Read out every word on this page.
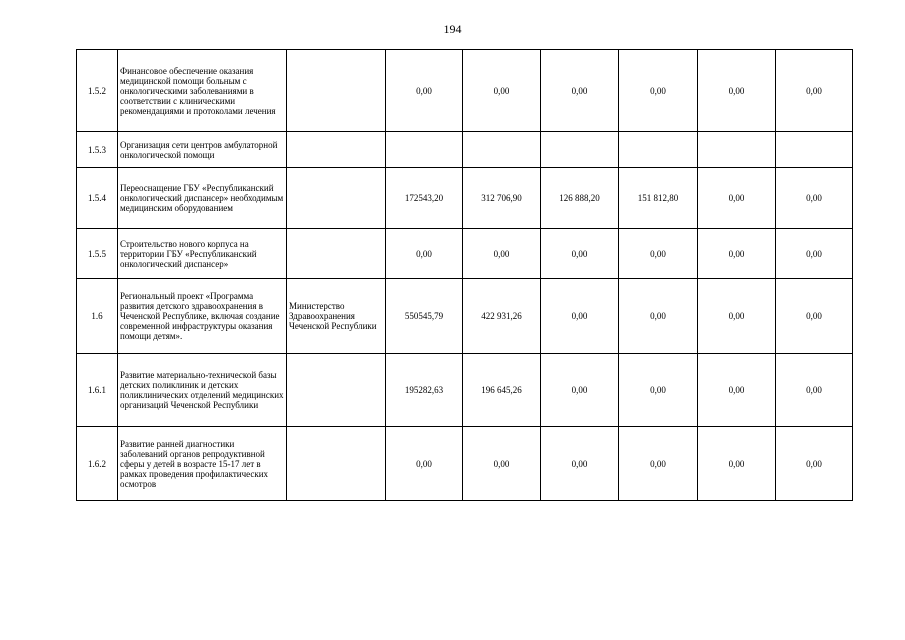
194
1.5.2	Финансовое обеспечение оказания медицинской помощи больным с онкологическими заболеваниями в соответствии с клиническими рекомендациями и протоколами лечения		0,00	0,00	0,00	0,00	0,00	0,00
1.5.3	Организация сети центров амбулаторной онкологической помощи							
1.5.4	Переоснащение ГБУ «Республиканский онкологический диспансер» необходимым медицинским оборудованием		172543,20	312 706,90	126 888,20	151 812,80	0,00	0,00
1.5.5	Строительство нового корпуса на территории ГБУ «Республиканский онкологический диспансер»		0,00	0,00	0,00	0,00	0,00	0,00
1.6	Региональный проект «Программа развития детского здравоохранения в Чеченской Республике, включая создание современной инфраструктуры оказания помощи детям».	Министерство Здравоохранения Чеченской Республики	550545,79	422 931,26	0,00	0,00	0,00	0,00
1.6.1	Развитие материально-технической базы детских поликлиник и детских поликлинических отделений медицинских организаций Чеченской Республики		195282,63	196 645,26	0,00	0,00	0,00	0,00
1.6.2	Развитие ранней диагностики заболеваний органов репродуктивной сферы у детей в возрасте 15-17 лет в рамках проведения профилактических осмотров		0,00	0,00	0,00	0,00	0,00	0,00
